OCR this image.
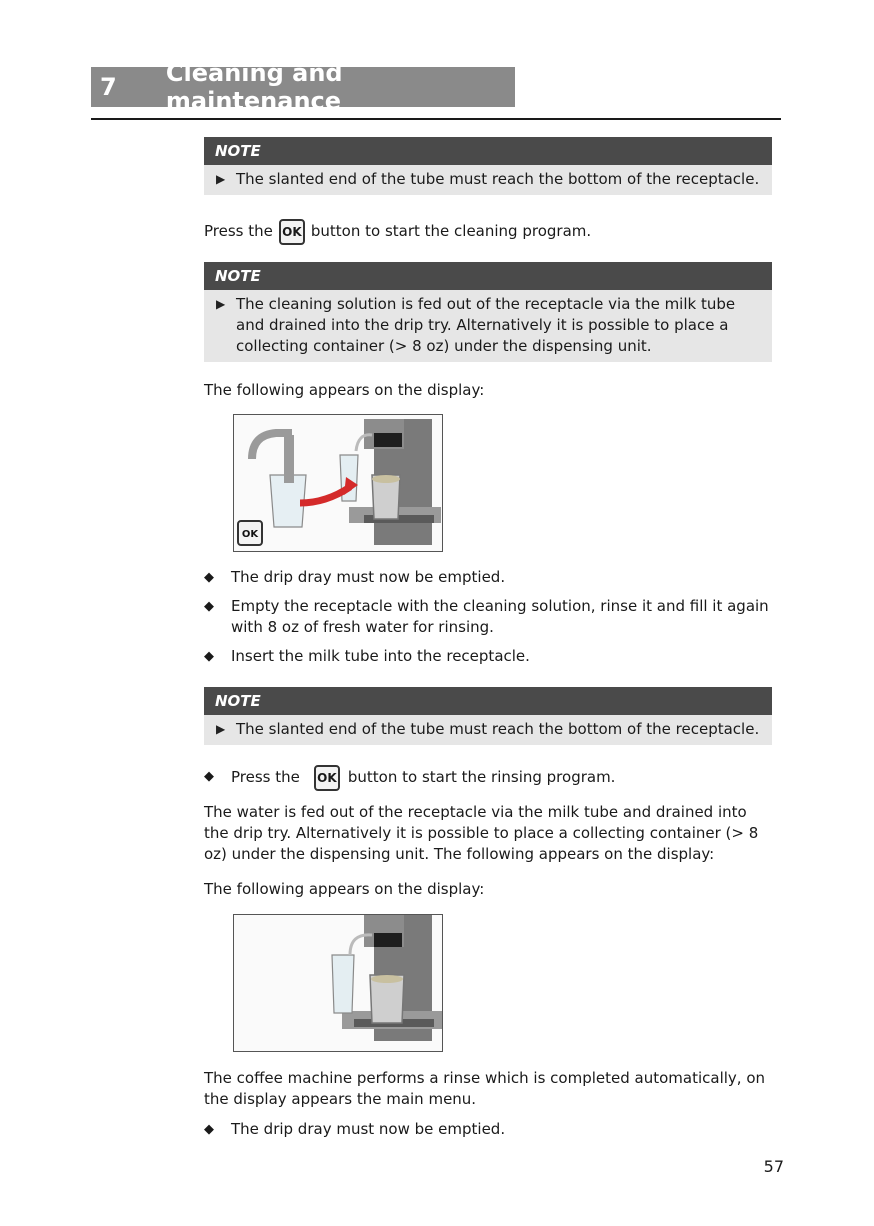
7	Cleaning and maintenance
NOTE
▶ The slanted end of the tube must reach the bottom of the receptacle.
Press the OK button to start the cleaning program.
NOTE
▶ The cleaning solution is fed out of the receptacle via the milk tube and drained into the drip try. Alternatively it is possible to place a collecting container (> 8 oz) under the dispensing unit.
The following appears on the display:
OK
◆ The drip dray must now be emptied.
◆ Empty the receptacle with the cleaning solution, rinse it and fill it again with 8 oz of fresh water for rinsing.
◆ Insert the milk tube into the receptacle.
NOTE
▶ The slanted end of the tube must reach the bottom of the receptacle.
◆ Press the OK button to start the rinsing program.
The water is fed out of the receptacle via the milk tube and drained into the drip try. Alternatively it is possible to place a collecting container (> 8 oz) under the dispensing unit. The following appears on the display:
The following appears on the display:
The coffee machine performs a rinse which is completed automatically, on the display appears the main menu.
◆ The drip dray must now be emptied.
57
